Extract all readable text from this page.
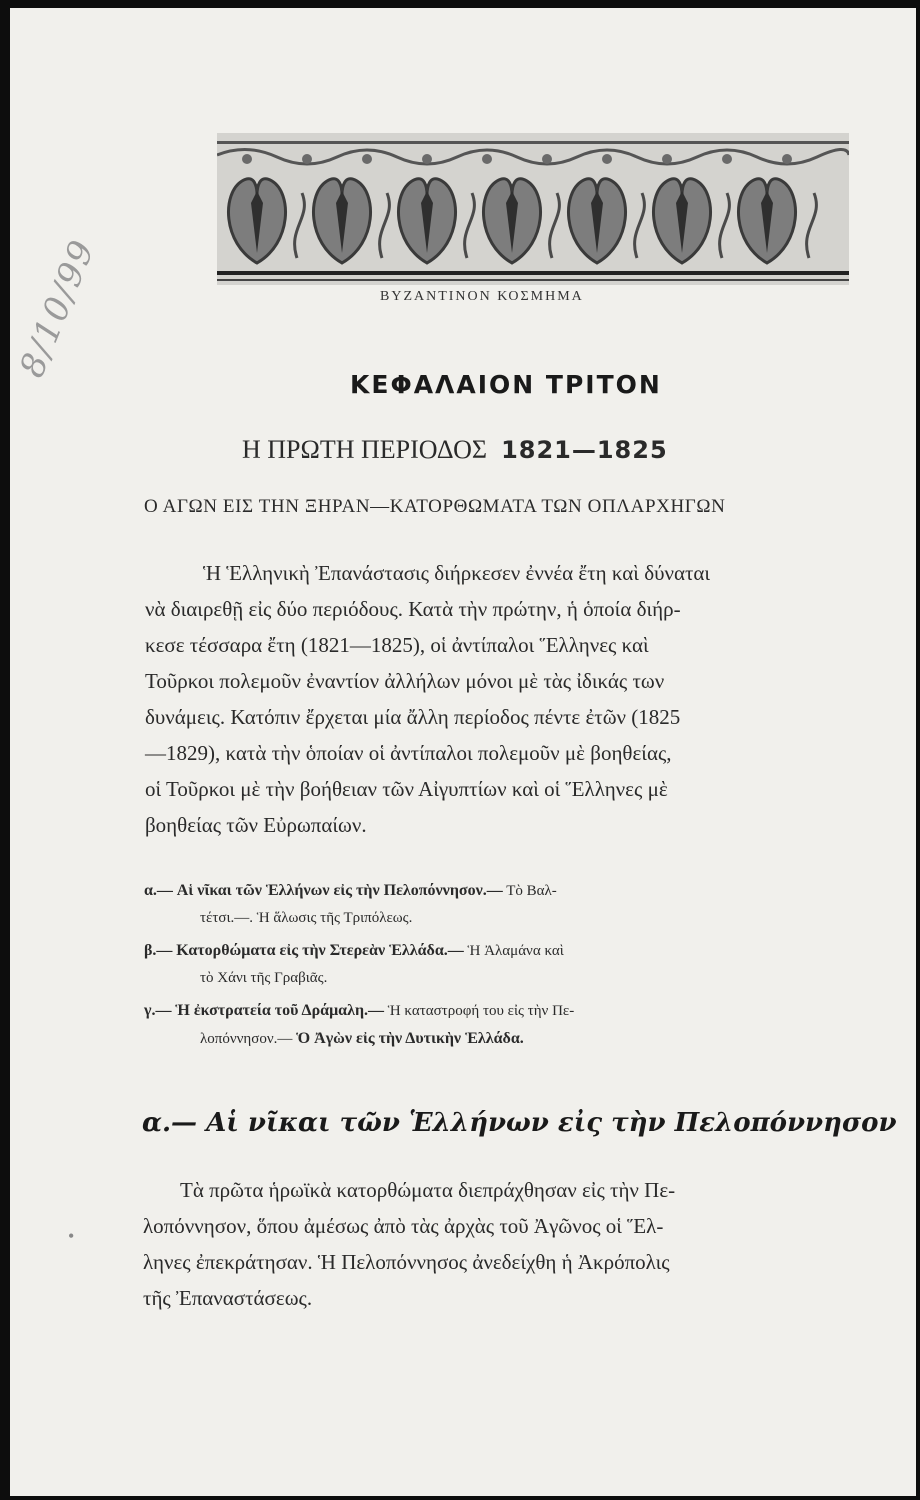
8/10/99	ΒΥΖΑΝΤΙΝΟΝ ΚΟΣΜΗΜΑ
ΚΕΦΑΛΑΙΟΝ ΤΡΙΤΟΝ
Η ΠΡΩΤΗ ΠΕΡΙΟΔΟΣ 1821—1825
Ο ΑΓΩΝ ΕΙΣ ΤΗΝ ΞΗΡΑΝ—ΚΑΤΟΡΘΩΜΑΤΑ ΤΩΝ ΟΠΛΑΡΧΗΓΩΝ
Ἡ Ἑλληνικὴ Ἐπανάστασις διήρκεσεν ἐννέα ἔτη καὶ δύναται
νὰ διαιρεθῇ εἰς δύο περιόδους. Κατὰ τὴν πρώτην, ἡ ὁποία διήρ-
κεσε τέσσαρα ἔτη (1821—1825), οἱ ἀντίπαλοι Ἕλληνες καὶ
Τοῦρκοι πολεμοῦν ἐναντίον ἀλλήλων μόνοι μὲ τὰς ἰδικάς των
δυνάμεις. Κατόπιν ἔρχεται μία ἄλλη περίοδος πέντε ἐτῶν (1825
—1829), κατὰ τὴν ὁποίαν οἱ ἀντίπαλοι πολεμοῦν μὲ βοηθείας,
οἱ Τοῦρκοι μὲ τὴν βοήθειαν τῶν Αἰγυπτίων καὶ οἱ Ἕλληνες μὲ
βοηθείας τῶν Εὐρωπαίων.
α.— Αἱ νῖκαι τῶν Ἑλλήνων εἰς τὴν Πελοπόννησον.— Τὸ Βαλ-
τέτσι.—. Ἡ ἅλωσις τῆς Τριπόλεως.
β.— Κατορθώματα εἰς τὴν Στερεὰν Ἑλλάδα.— Ἡ Ἀλαμάνα καὶ
τὸ Χάνι τῆς Γραβιᾶς.
γ.— Ἡ ἐκστρατεία τοῦ Δράμαλη.— Ἡ καταστροφή του εἰς τὴν Πε-
λοπόννησον.— Ὁ Ἀγὼν εἰς τὴν Δυτικὴν Ἑλλάδα.
α.— Αἱ νῖκαι τῶν Ἑλλήνων εἰς τὴν Πελοπόννησον
•
Τὰ πρῶτα ἡρωϊκὰ κατορθώματα διεπράχθησαν εἰς τὴν Πε-
λοπόννησον, ὅπου ἀμέσως ἀπὸ τὰς ἀρχὰς τοῦ Ἀγῶνος οἱ Ἕλ-
ληνες ἐπεκράτησαν. Ἡ Πελοπόννησος ἀνεδείχθη ἡ Ἀκρόπολις
τῆς Ἐπαναστάσεως.
